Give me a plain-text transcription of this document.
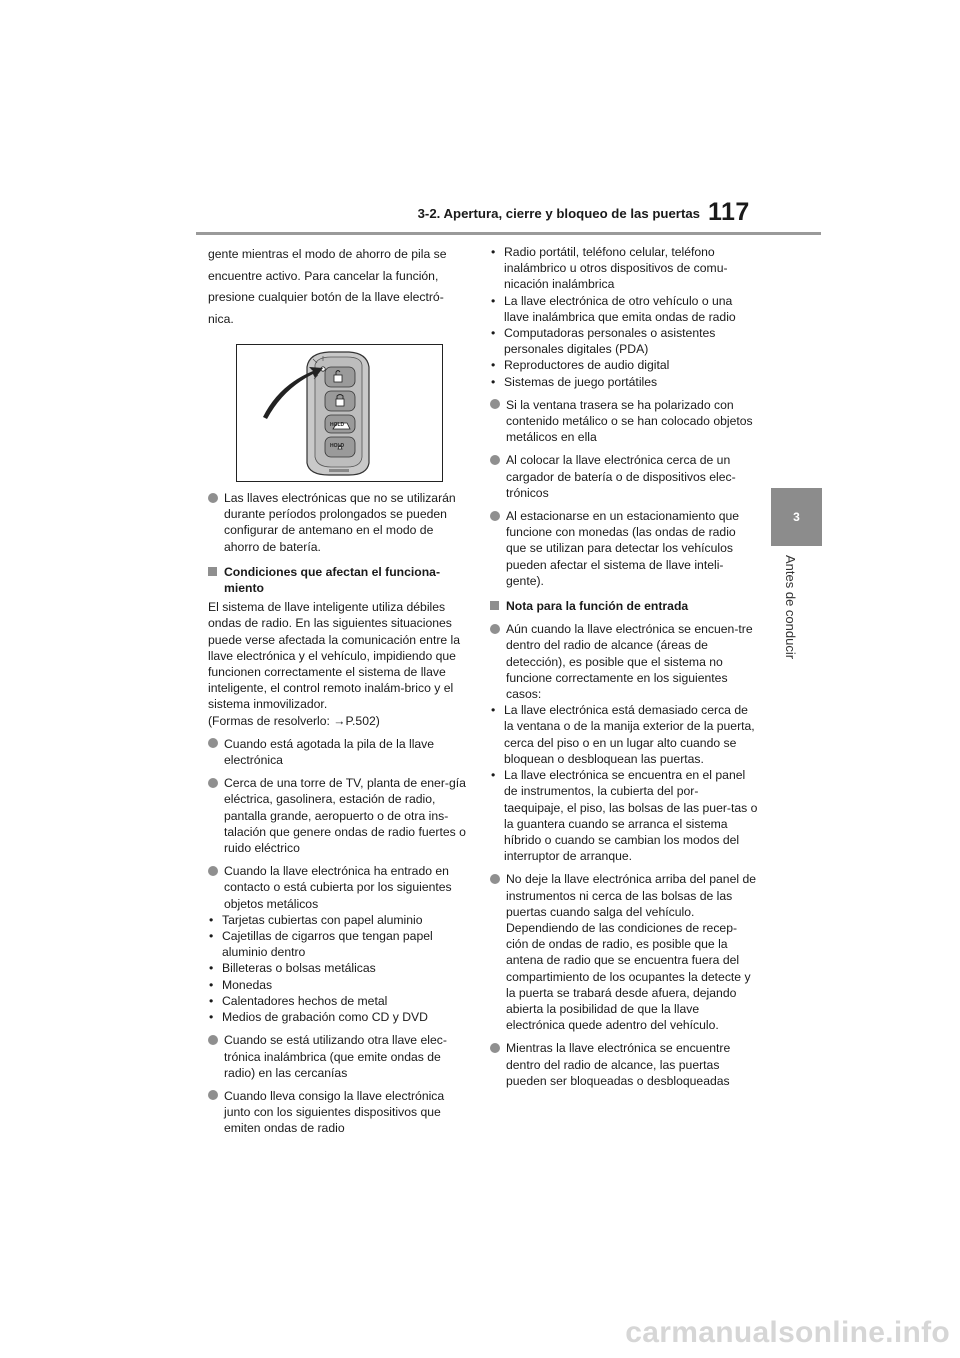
3-2. Apertura, cierre y bloqueo de las puertas 117
3
Antes de conducir

gente mientras el modo de ahorro de pila se

encuentre activo. Para cancelar la función,

presione cualquier botón de la llave electró-

nica.

HOLD
HOLD
Las llaves electrónicas que no se utilizarán durante períodos prolongados se pueden configurar de antemano en el modo de ahorro de batería.
Condiciones que afectan el funciona-miento

El sistema de llave inteligente utiliza débiles ondas de radio. En las siguientes situaciones puede verse afectada la comunicación entre la llave electrónica y el vehículo, impidiendo que funcionen correctamente el sistema de llave inteligente, el control remoto inalám-brico y el sistema inmovilizador.

(Formas de resolverlo: →P.502)

Cuando está agotada la pila de la llave electrónica
Cerca de una torre de TV, planta de ener-gía eléctrica, gasolinera, estación de radio, pantalla grande, aeropuerto o de otra ins-talación que genere ondas de radio fuertes o ruido eléctrico
Cuando la llave electrónica ha entrado en contacto o está cubierta por los siguientes objetos metálicos
• Tarjetas cubiertas con papel aluminio
• Cajetillas de cigarros que tengan papel aluminio dentro
• Billeteras o bolsas metálicas
• Monedas
• Calentadores hechos de metal
• Medios de grabación como CD y DVD
Cuando se está utilizando otra llave elec-trónica inalámbrica (que emite ondas de radio) en las cercanías
Cuando lleva consigo la llave electrónica junto con los siguientes dispositivos que emiten ondas de radio
• Radio portátil, teléfono celular, teléfono inalámbrico u otros dispositivos de comu-nicación inalámbrica
• La llave electrónica de otro vehículo o una llave inalámbrica que emita ondas de radio
• Computadoras personales o asistentes personales digitales (PDA)
• Reproductores de audio digital
• Sistemas de juego portátiles
Si la ventana trasera se ha polarizado con contenido metálico o se han colocado objetos metálicos en ella
Al colocar la llave electrónica cerca de un cargador de batería o de dispositivos elec-trónicos
Al estacionarse en un estacionamiento que funcione con monedas (las ondas de radio que se utilizan para detectar los vehículos pueden afectar el sistema de llave inteli-gente).
Nota para la función de entrada
Aún cuando la llave electrónica se encuen-tre dentro del radio de alcance (áreas de detección), es posible que el sistema no funcione correctamente en los siguientes casos:
• La llave electrónica está demasiado cerca de la ventana o de la manija exterior de la puerta, cerca del piso o en un lugar alto cuando se bloquean o desbloquean las puertas.
• La llave electrónica se encuentra en el panel de instrumentos, la cubierta del por-taequipaje, el piso, las bolsas de las puer-tas o la guantera cuando se arranca el sistema híbrido o cuando se cambian los modos del interruptor de arranque.
No deje la llave electrónica arriba del panel de instrumentos ni cerca de las bolsas de las puertas cuando salga del vehículo. Dependiendo de las condiciones de recep-ción de ondas de radio, es posible que la antena de radio que se encuentra fuera del compartimiento de los ocupantes la detecte y la puerta se trabará desde afuera, dejando abierta la posibilidad de que la llave electrónica quede adentro del vehículo.
Mientras la llave electrónica se encuentre dentro del radio de alcance, las puertas pueden ser bloqueadas o desbloqueadas
carmanualsonline.info
